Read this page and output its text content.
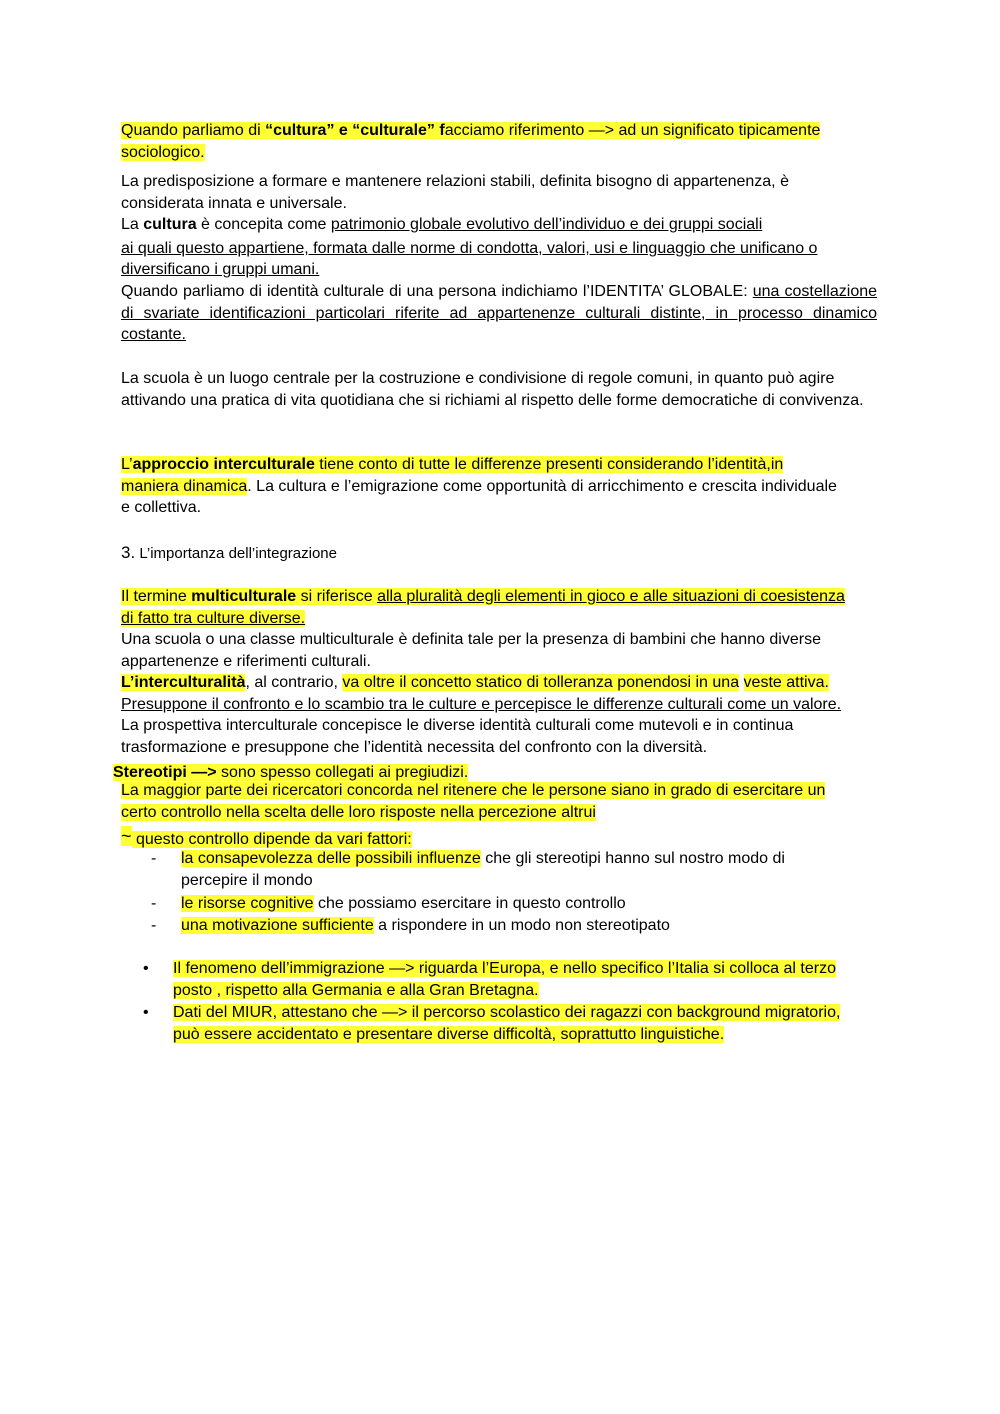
Quando parliamo di “cultura” e “culturale” facciamo riferimento —> ad un significato tipicamente
sociologico.
La predisposizione a formare e mantenere relazioni stabili, definita bisogno di appartenenza, è
considerata innata e universale.
La cultura è concepita come patrimonio globale evolutivo dell’individuo e dei gruppi sociali
ai quali questo appartiene, formata dalle norme di condotta, valori, usi e linguaggio che unificano o
diversificano i gruppi umani.
Quando parliamo di identità culturale di una persona indichiamo l’IDENTITA’ GLOBALE: una costellazione di svariate identificazioni particolari riferite ad appartenenze culturali distinte, in processo dinamico costante.
La scuola è un luogo centrale per la costruzione e condivisione di regole comuni, in quanto può agire attivando una pratica di vita quotidiana che si richiami al rispetto delle forme democratiche di convivenza.
L’approccio interculturale tiene conto di tutte le differenze presenti considerando l’identità,in
maniera dinamica. La cultura e l’emigrazione come opportunità di arricchimento e crescita individuale
e collettiva.
3. L’importanza dell’integrazione
Il termine multiculturale si riferisce alla pluralità degli elementi in gioco e alle situazioni di coesistenza
di fatto tra culture diverse.
Una scuola o una classe multiculturale è definita tale per la presenza di bambini che hanno diverse appartenenze e riferimenti culturali.
L’interculturalità, al contrario, va oltre il concetto statico di tolleranza ponendosi in una veste attiva.
Presuppone il confronto e lo scambio tra le culture e percepisce le differenze culturali come un valore.
La prospettiva interculturale concepisce le diverse identità culturali come mutevoli e in continua trasformazione e presuppone che l’identità necessita del confronto con la diversità.
Stereotipi —> sono spesso collegati ai pregiudizi.
La maggior parte dei ricercatori concorda nel ritenere che le persone siano in grado di esercitare un
certo controllo nella scelta delle loro risposte nella percezione altrui
~ questo controllo dipende da vari fattori:
- la consapevolezza delle possibili influenze che gli stereotipi hanno sul nostro modo di
percepire il mondo
- le risorse cognitive che possiamo esercitare in questo controllo
- una motivazione sufficiente a rispondere in un modo non stereotipato
• Il fenomeno dell’immigrazione —> riguarda l’Europa, e nello specifico l’Italia si colloca al terzo
posto , rispetto alla Germania e alla Gran Bretagna.
• Dati del MIUR, attestano che —> il percorso scolastico dei ragazzi con background migratorio,
può essere accidentato e presentare diverse difficoltà, soprattutto linguistiche.
